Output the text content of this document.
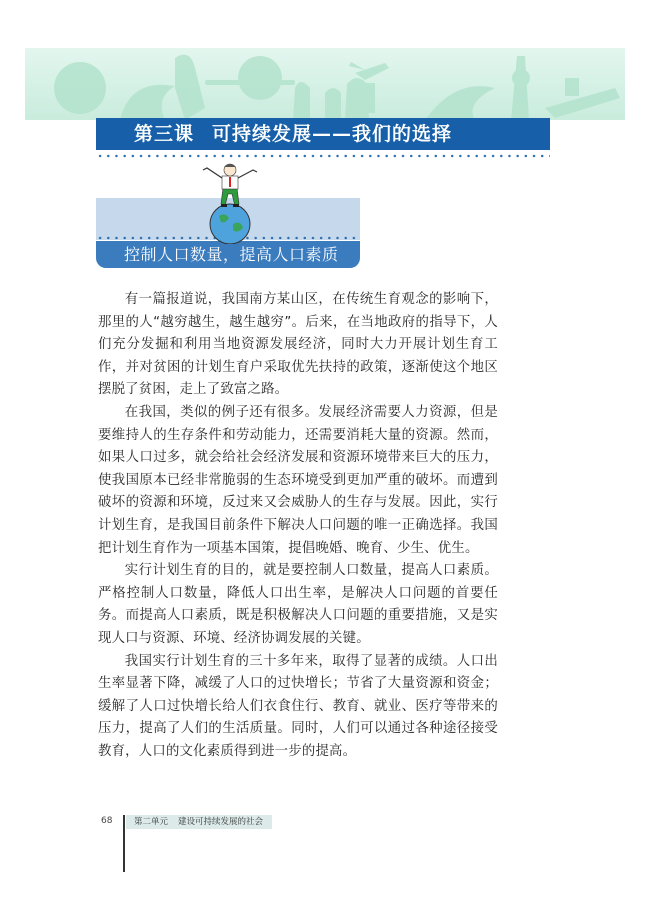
第三课 可持续发展——我们的选择
控制人口数量，提高人口素质

有一篇报道说，我国南方某山区，在传统生育观念的影响下，那里的人“越穷越生，越生越穷”。后来，在当地政府的指导下，人们充分发掘和利用当地资源发展经济，同时大力开展计划生育工作，并对贫困的计划生育户采取优先扶持的政策，逐渐使这个地区摆脱了贫困，走上了致富之路。

在我国，类似的例子还有很多。发展经济需要人力资源，但是要维持人的生存条件和劳动能力，还需要消耗大量的资源。然而，如果人口过多，就会给社会经济发展和资源环境带来巨大的压力，使我国原本已经非常脆弱的生态环境受到更加严重的破坏。而遭到破坏的资源和环境，反过来又会威胁人的生存与发展。因此，实行计划生育，是我国目前条件下解决人口问题的唯一正确选择。我国把计划生育作为一项基本国策，提倡晚婚、晚育、少生、优生。

实行计划生育的目的，就是要控制人口数量，提高人口素质。严格控制人口数量，降低人口出生率，是解决人口问题的首要任务。而提高人口素质，既是积极解决人口问题的重要措施，又是实现人口与资源、环境、经济协调发展的关键。

我国实行计划生育的三十多年来，取得了显著的成绩。人口出生率显著下降，减缓了人口的过快增长；节省了大量资源和资金；缓解了人口过快增长给人们衣食住行、教育、就业、医疗等带来的压力，提高了人们的生活质量。同时，人们可以通过各种途径接受教育，人口的文化素质得到进一步的提高。

68	第二单元 建设可持续发展的社会
